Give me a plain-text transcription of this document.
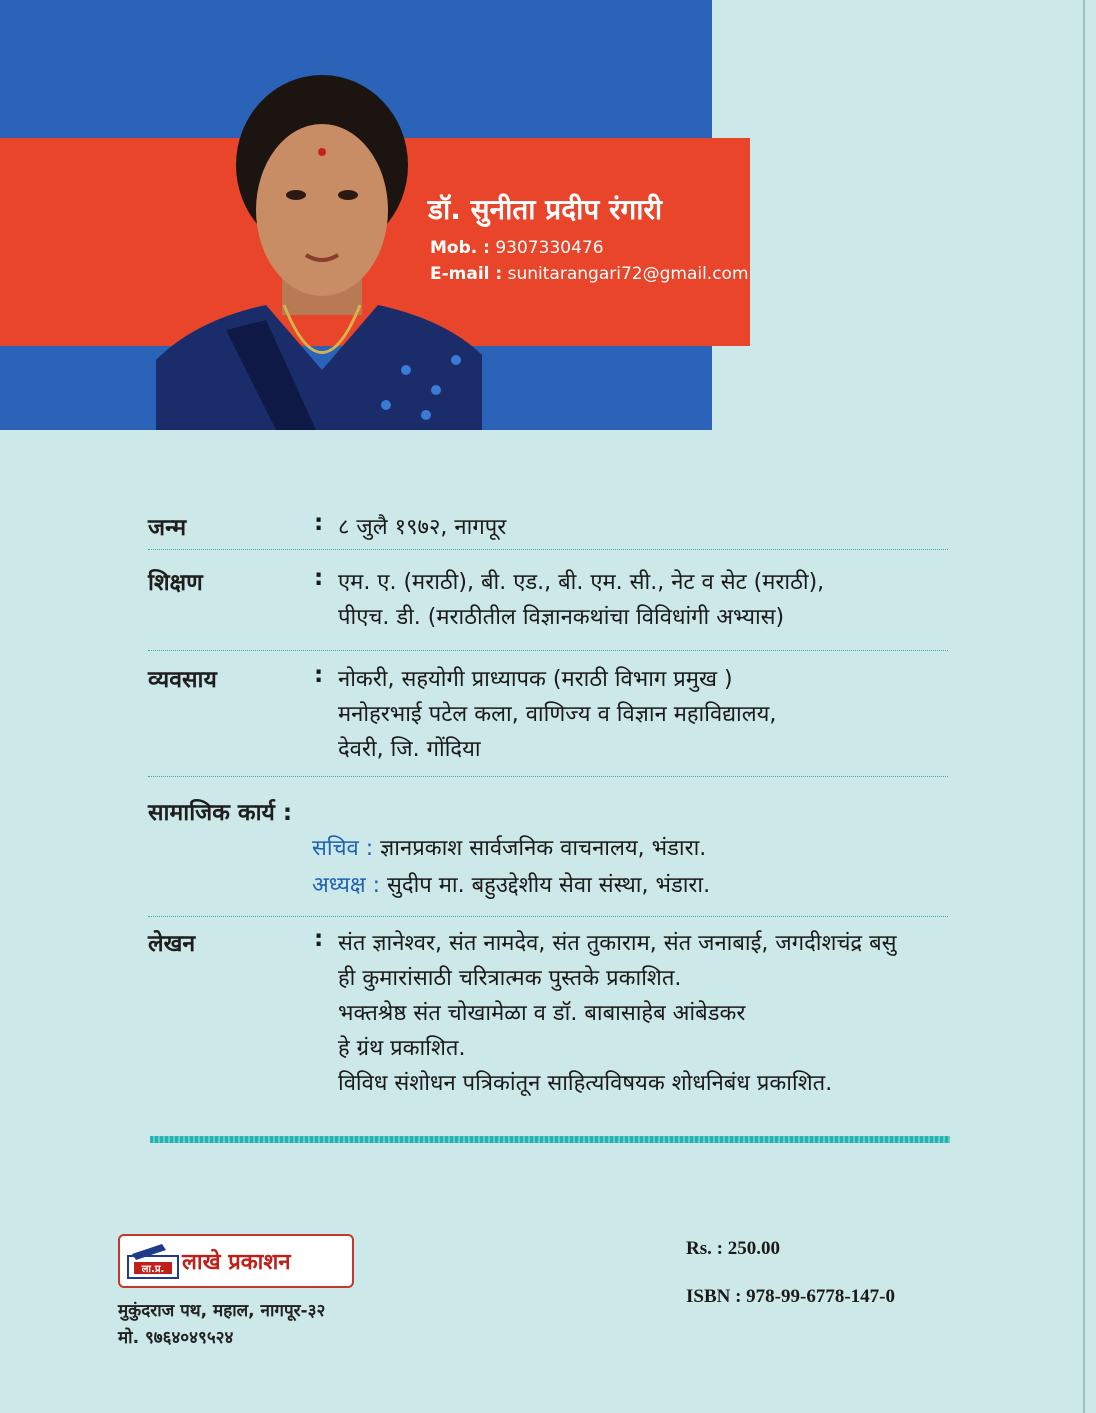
डॉ. सुनीता प्रदीप रंगारी
Mob. : 9307330476
E-mail : sunitarangari72@gmail.com
जन्म	: ८ जुलै १९७२, नागपूर
शिक्षण	: एम. ए. (मराठी), बी. एड., बी. एम. सी., नेट व सेट (मराठी),
पीएच. डी. (मराठीतील विज्ञानकथांचा विविधांगी अभ्यास)
व्यवसाय	: नोकरी, सहयोगी प्राध्यापक (मराठी विभाग प्रमुख )
मनोहरभाई पटेल कला, वाणिज्य व विज्ञान महाविद्यालय,
देवरी, जि. गोंदिया
सामाजिक कार्य :
सचिव : ज्ञानप्रकाश सार्वजनिक वाचनालय, भंडारा.
अध्यक्ष : सुदीप मा. बहुउद्देशीय सेवा संस्था, भंडारा.
लेखन	: संत ज्ञानेश्वर, संत नामदेव, संत तुकाराम, संत जनाबाई, जगदीशचंद्र बसु
ही कुमारांसाठी चरित्रात्मक पुस्तके प्रकाशित.
भक्तश्रेष्ठ संत चोखामेळा व डॉ. बाबासाहेब आंबेडकर
हे ग्रंथ प्रकाशित.
विविध संशोधन पत्रिकांतून साहित्यविषयक शोधनिबंध प्रकाशित.
ला.प्र. लाखे प्रकाशन
मुकुंदराज पथ, महाल, नागपूर-३२
मो. ९७६४०४९५२४
Rs. : 250.00
ISBN : 978-99-6778-147-0
